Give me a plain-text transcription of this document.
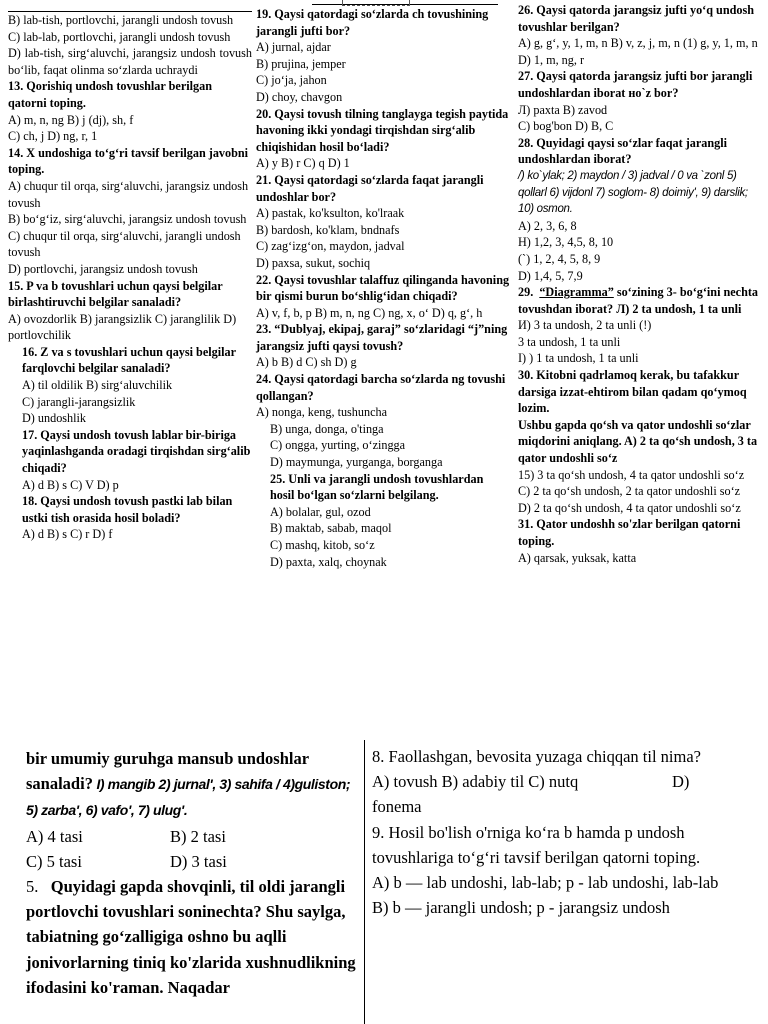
B) lab-tish, portlovchi, jarangli undosh tovush

C) lab-lab, portlovchi, jarangli undosh tovush

D) lab-tish, sirg‘aluvchi, jarangsiz undosh tovush bo‘lib, faqat olinma so‘zlarda uchraydi

13. Qorishiq undosh tovushlar berilgan qatorni toping.

A) m, n, ng B) j (dj), sh, f

C) ch, j D) ng, r, 1

14. X undoshiga to‘g‘ri tavsif berilgan javobni toping.

A) chuqur til orqa, sirg‘aluvchi, jarangsiz undosh tovush

B) bo‘g‘iz, sirg‘aluvchi, jarangsiz undosh tovush

C) chuqur til orqa, sirg‘aluvchi, jarangli undosh tovush

D) portlovchi, jarangsiz undosh tovush

15. P va b tovushlari uchun qaysi belgilar birlashtiruvchi belgilar sanaladi?

A) ovozdorlik B) jarangsizlik C) jaranglilik D) portlovchilik

16. Z va s tovushlari uchun qaysi belgilar farqlovchi belgilar sanaladi?

A) til oldilik B) sirg‘aluvchilik

C) jarangli-jarangsizlik

D) undoshlik

17. Qaysi undosh tovush lablar bir-biriga yaqinlashganda oradagi tirqishdan sirg‘alib chiqadi?

A) d B) s C) V D) p

18. Qaysi undosh tovush pastki lab bilan ustki tish orasida hosil boladi?

A) d B) s C) r D) f

19. Qaysi qatordagi so‘zlarda ch tovushining jarangli jufti bor?

A) jurnal, ajdar

B) prujina, jemper

C) jo‘ja, jahon

D) choy, chavgon

20. Qaysi tovush tilning tanglayga tegish paytida havoning ikki yondagi tirqishdan sirg‘alib chiqishidan hosil bo‘ladi?

A) y B) r C) q D) 1

21. Qaysi qatordagi so‘zlarda faqat jarangli undoshlar bor?

A) pastak, ko'ksulton, ko'lraak

B) bardosh, ko'klam, bndnafs

C) zag‘izg‘on, maydon, jadval

D) paxsa, sukut, sochiq

22. Qaysi tovushlar talaffuz qilinganda havoning bir qismi burun bo‘shlig‘idan chiqadi?

A) v, f, b, p B) m, n, ng C) ng, x, o‘ D) q, g‘, h

23. “Dublyaj, ekipaj, garaj” so‘zlaridagi “j”ning jarangsiz jufti qaysi tovush?

A) b B) d C) sh D) g

24. Qaysi qatordagi barcha so‘zlarda ng tovushi qollangan?

A) nonga, keng, tushuncha

B) unga, donga, o'tinga

C) ongga, yurting, o‘zingga

D) maymunga, yurganga, borganga

25. Unli va jarangli undosh tovushlardan hosil bo‘lgan so‘zlarni belgilang.

A) bolalar, gul, ozod

B) maktab, sabab, maqol

C) mashq, kitob, so‘z

D) paxta, xalq, choynak

26. Qaysi qatorda jarangsiz jufti yo‘q undosh tovushlar berilgan?

A) g, g‘, y, 1, m, n B) v, z, j, m, n (1) g, y, 1, m, n D) 1, m, ng, r

27. Qaysi qatorda jarangsiz jufti bor jarangli undoshlardan iborat ʜо`z bor?

Л) paxta B) zavod

C) bog'bon D) B, C

28. Quyidagi qaysi so‘zlar faqat jarangli undoshlardan iborat?

/) ko`ylak; 2) maydon / 3) jadval / 0 va `zonl 5) qollarl 6) vijdonl 7) soglom- 8) doimiy', 9) darslik; 10) osmon.

A) 2, 3, 6, 8

H) 1,2, 3, 4,5, 8, 10

(`) 1, 2, 4, 5, 8, 9

D) 1,4, 5, 7,9

29. “Diagramma” so‘zining 3- bo‘g‘ini nechta tovushdan iborat? Л) 2 ta undosh, 1 ta unli

И) 3 ta undosh, 2 ta unli (!)

3 ta undosh, 1 ta unli

I) ) 1 ta undosh, 1 ta unli

30. Kitobni qadrlamoq kerak, bu tafakkur darsiga izzat-ehtirom bilan qadam qo‘ymoq lozim.

Ushbu gapda qo‘sh va qator undoshli so‘zlar miqdorini aniqlang. A) 2 ta qo‘sh undosh, 3 ta qator undoshli so‘z

15) 3 ta qo‘sh undosh, 4 ta qator undoshli so‘z

C) 2 ta qo‘sh undosh, 2 ta qator undoshli so‘z

D) 2 ta qo‘sh undosh, 4 ta qator undoshli so‘z

31. Qator undoshh so'zlar berilgan qatorni toping.

A) qarsak, yuksak, katta

bir umumiy guruhga mansub undoshlar sanaladi? I) mangib 2) jurnal', 3) sahifa / 4)guliston; 5) zarba', 6) vafo', 7) ulug'.

A) 4 tasi	B) 2 tasi

C) 5 tasi	D) 3 tasi

5. Quyidagi gapda shovqinli, til oldi jarangli portlovchi tovushlari soninechta? Shu saylga, tabiatning go‘zalligiga oshno bu aqlli jonivorlarning tiniq ko'zlarida xushnudlikning ifodasini ko'raman. Naqadar

8. Faollashgan, bevosita yuzaga chiqqan til nima?

A) tovush B) adabiy til C) nutq	D)

fonema

9. Hosil bo'lish o'rniga ko‘ra b hamda p undosh tovushlariga to‘g‘ri tavsif berilgan qatorni toping.

A) b — lab undoshi, lab-lab; p - lab undoshi, lab-lab

B) b — jarangli undosh; p - jarangsiz undosh
